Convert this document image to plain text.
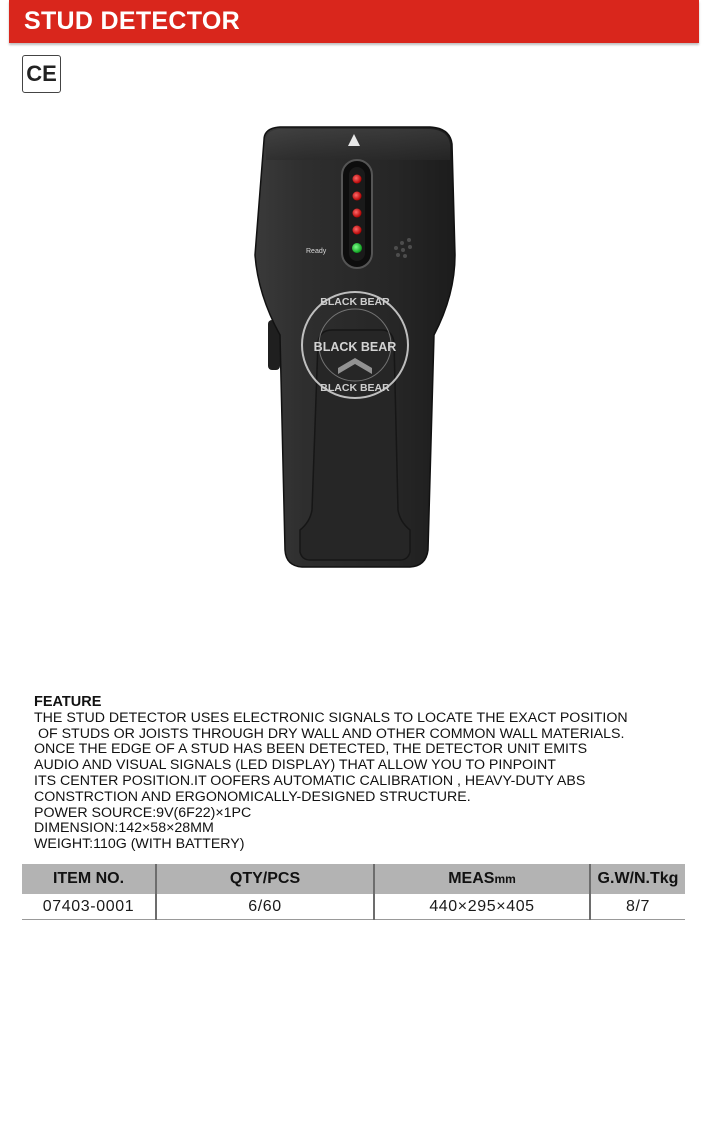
STUD DETECTOR
CE
Ready
BLACK BEAR
BLACK BEAR
BLACK BEAR
FEATURE
THE STUD DETECTOR USES ELECTRONIC SIGNALS TO LOCATE THE EXACT POSITION
OF STUDS OR JOISTS THROUGH DRY WALL AND OTHER COMMON WALL MATERIALS.
ONCE THE EDGE OF A STUD HAS BEEN DETECTED, THE DETECTOR UNIT EMITS
AUDIO AND VISUAL SIGNALS (LED DISPLAY) THAT ALLOW YOU TO PINPOINT
ITS CENTER POSITION.IT OOFERS AUTOMATIC CALIBRATION , HEAVY-DUTY ABS
CONSTRCTION AND ERGONOMICALLY-DESIGNED STRUCTURE.
POWER SOURCE:9V(6F22)×1PC
DIMENSION:142×58×28MM
WEIGHT:110G (WITH BATTERY)
ITEM NO.	QTY/PCS	MEASmm	G.W/N.Tkg
07403-0001	6/60	440×295×405	8/7
